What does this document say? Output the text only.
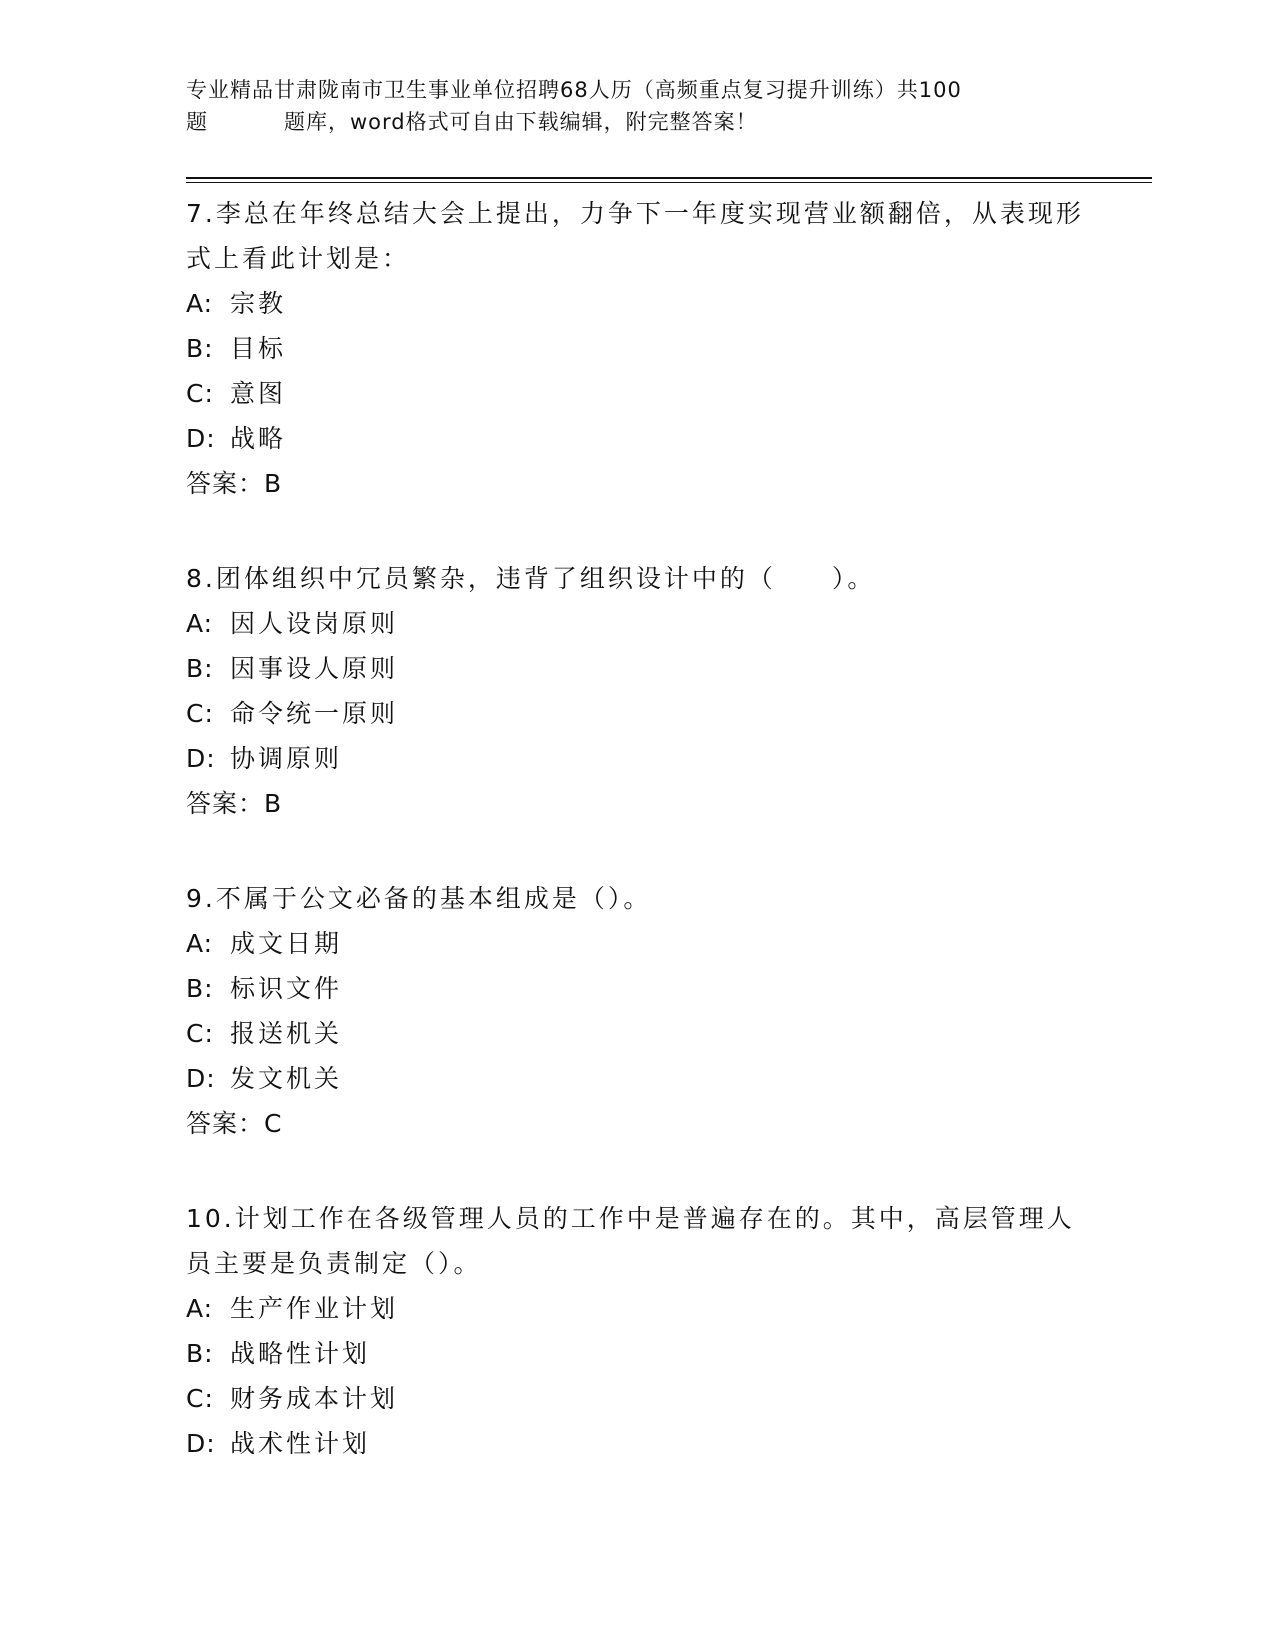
专业精品甘肃陇南市卫生事业单位招聘68人历（高频重点复习提升训练）共100
题	题库，word格式可自由下载编辑，附完整答案！
7.李总在年终总结大会上提出，力争下一年度实现营业额翻倍，从表现形式上看此计划是：
A: 宗教
B: 目标
C: 意图
D: 战略
答案：B
8.团体组织中冗员繁杂，违背了组织设计中的（　　）。
A: 因人设岗原则
B: 因事设人原则
C: 命令统一原则
D: 协调原则
答案：B
9.不属于公文必备的基本组成是（）。
A: 成文日期
B: 标识文件
C: 报送机关
D: 发文机关
答案：C
10.计划工作在各级管理人员的工作中是普遍存在的。其中，高层管理人员主要是负责制定（）。
A: 生产作业计划
B: 战略性计划
C: 财务成本计划
D: 战术性计划
